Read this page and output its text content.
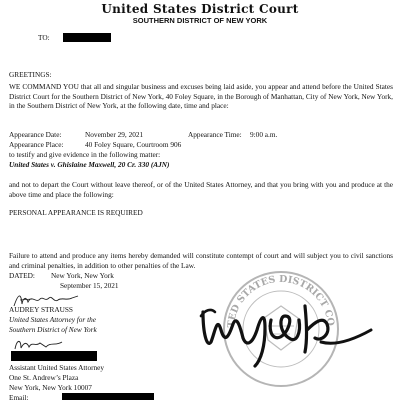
United States District Court
SOUTHERN DISTRICT OF NEW YORK
TO:
GREETINGS:
WE COMMAND YOU that all and singular business and excuses being laid aside, you appear and attend before the United States District Court for the Southern District of New York, 40 Foley Square, in the Borough of Manhattan, City of New York, New York, in the Southern District of New York, at the following date, time and place:
Appearance Date:	November 29, 2021	Appearance Time: 9:00 a.m.
Appearance Place:	40 Foley Square, Courtroom 906
to testify and give evidence in the following matter:
United States v. Ghislaine Maxwell, 20 Cr. 330 (AJN)
and not to depart the Court without leave thereof, or of the United States Attorney, and that you bring with you and produce at the above time and place the following:
PERSONAL APPEARANCE IS REQUIRED
Failure to attend and produce any items hereby demanded will constitute contempt of court and will subject you to civil sanctions and criminal penalties, in addition to other penalties of the Law.
DATED: New York, New York
September 15, 2021
AUDREY STRAUSS
United States Attorney for the
Southern District of New York
Assistant United States Attorney
One St. Andrew’s Plaza
New York, New York 10007
Email:
UNITED STATES DISTRICT COURT
